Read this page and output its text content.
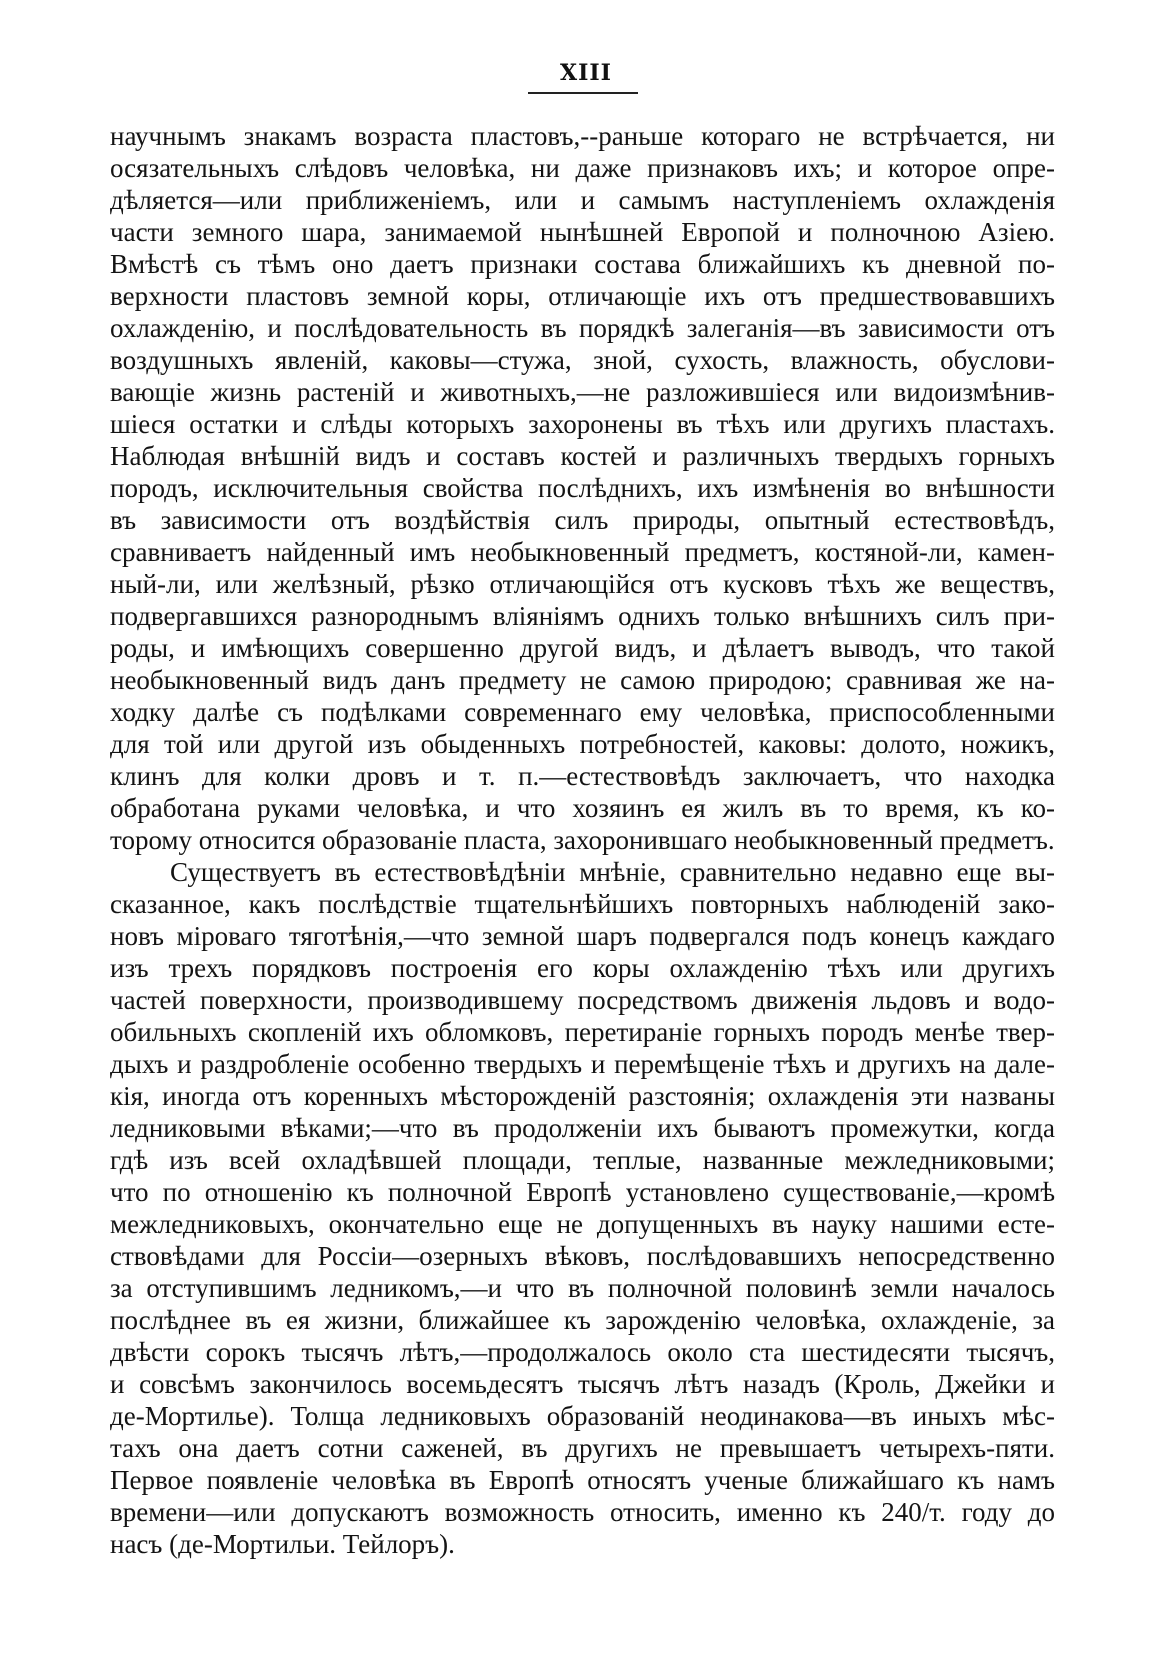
XIII
научнымъ знакамъ возраста пластовъ,--раньше котораго не встрѣчается, ни
осязательныхъ слѣдовъ человѣка, ни даже признаковъ ихъ; и которое опре-
дѣляется—или приближеніемъ, или и самымъ наступленіемъ охлажденія
части земного шара, занимаемой нынѣшней Европой и полночною Азіею.
Вмѣстѣ съ тѣмъ оно даетъ признаки состава ближайшихъ къ дневной по-
верхности пластовъ земной коры, отличающіе ихъ отъ предшествовавшихъ
охлажденію, и послѣдовательность въ порядкѣ залеганія—въ зависимости отъ
воздушныхъ явленій, каковы—стужа, зной, сухость, влажность, обуслови-
вающіе жизнь растеній и животныхъ,—не разложившіеся или видоизмѣнив-
шіеся остатки и слѣды которыхъ захоронены въ тѣхъ или другихъ пластахъ.
Наблюдая внѣшній видъ и составъ костей и различныхъ твердыхъ горныхъ
породъ, исключительныя свойства послѣднихъ, ихъ измѣненія во внѣшности
въ зависимости отъ воздѣйствія силъ природы, опытный естествовѣдъ,
сравниваетъ найденный имъ необыкновенный предметъ, костяной-ли, камен-
ный-ли, или желѣзный, рѣзко отличающійся отъ кусковъ тѣхъ же веществъ,
подвергавшихся разнороднымъ вліяніямъ однихъ только внѣшнихъ силъ при-
роды, и имѣющихъ совершенно другой видъ, и дѣлаетъ выводъ, что такой
необыкновенный видъ данъ предмету не самою природою; сравнивая же на-
ходку далѣе съ подѣлками современнаго ему человѣка, приспособленными
для той или другой изъ обыденныхъ потребностей, каковы: долото, ножикъ,
клинъ для колки дровъ и т. п.—естествовѣдъ заключаетъ, что находка
обработана руками человѣка, и что хозяинъ ея жилъ въ то время, къ ко-
торому относится образованіе пласта, захоронившаго необыкновенный предметъ.
Существуетъ въ естествовѣдѣніи мнѣніе, сравнительно недавно еще вы-
сказанное, какъ послѣдствіе тщательнѣйшихъ повторныхъ наблюденій зако-
новъ міроваго тяготѣнія,—что земной шаръ подвергался подъ конецъ каждаго
изъ трехъ порядковъ построенія его коры охлажденію тѣхъ или другихъ
частей поверхности, производившему посредствомъ движенія льдовъ и водо-
обильныхъ скопленій ихъ обломковъ, перетираніе горныхъ породъ менѣе твер-
дыхъ и раздробленіе особенно твердыхъ и перемѣщеніе тѣхъ и другихъ на далe-
кія, иногда отъ коренныхъ мѣсторожденій разстоянія; охлажденія эти названы
ледниковыми вѣками;—что въ продолженіи ихъ бываютъ промежутки, когда
гдѣ изъ всей охладѣвшей площади, теплые, названные межледниковыми;
что по отношенію къ полночной Европѣ установлено существованіе,—кромѣ
межледниковыхъ, окончательно еще не допущенныхъ въ науку нашими есте-
ствовѣдами для Россіи—озерныхъ вѣковъ, послѣдовавшихъ непосредственно
за отступившимъ ледникомъ,—и что въ полночной половинѣ земли началось
послѣднее въ ея жизни, ближайшее къ зарожденію человѣка, охлажденіе, за
двѣсти сорокъ тысячъ лѣтъ,—продолжалось около ста шестидесяти тысячъ,
и совсѣмъ закончилось восемьдесятъ тысячъ лѣтъ назадъ (Кроль, Джейки и
де-Мортилье). Толща ледниковыхъ образованій неодинакова—въ иныхъ мѣс-
тахъ она даетъ сотни саженей, въ другихъ не превышаетъ четырехъ-пяти.
Первое появленіе человѣка въ Европѣ относятъ ученые ближайшаго къ намъ
времени—или допускаютъ возможность относить, именно къ 240/т. году до
насъ (де-Мортильи. Тейлоръ).
